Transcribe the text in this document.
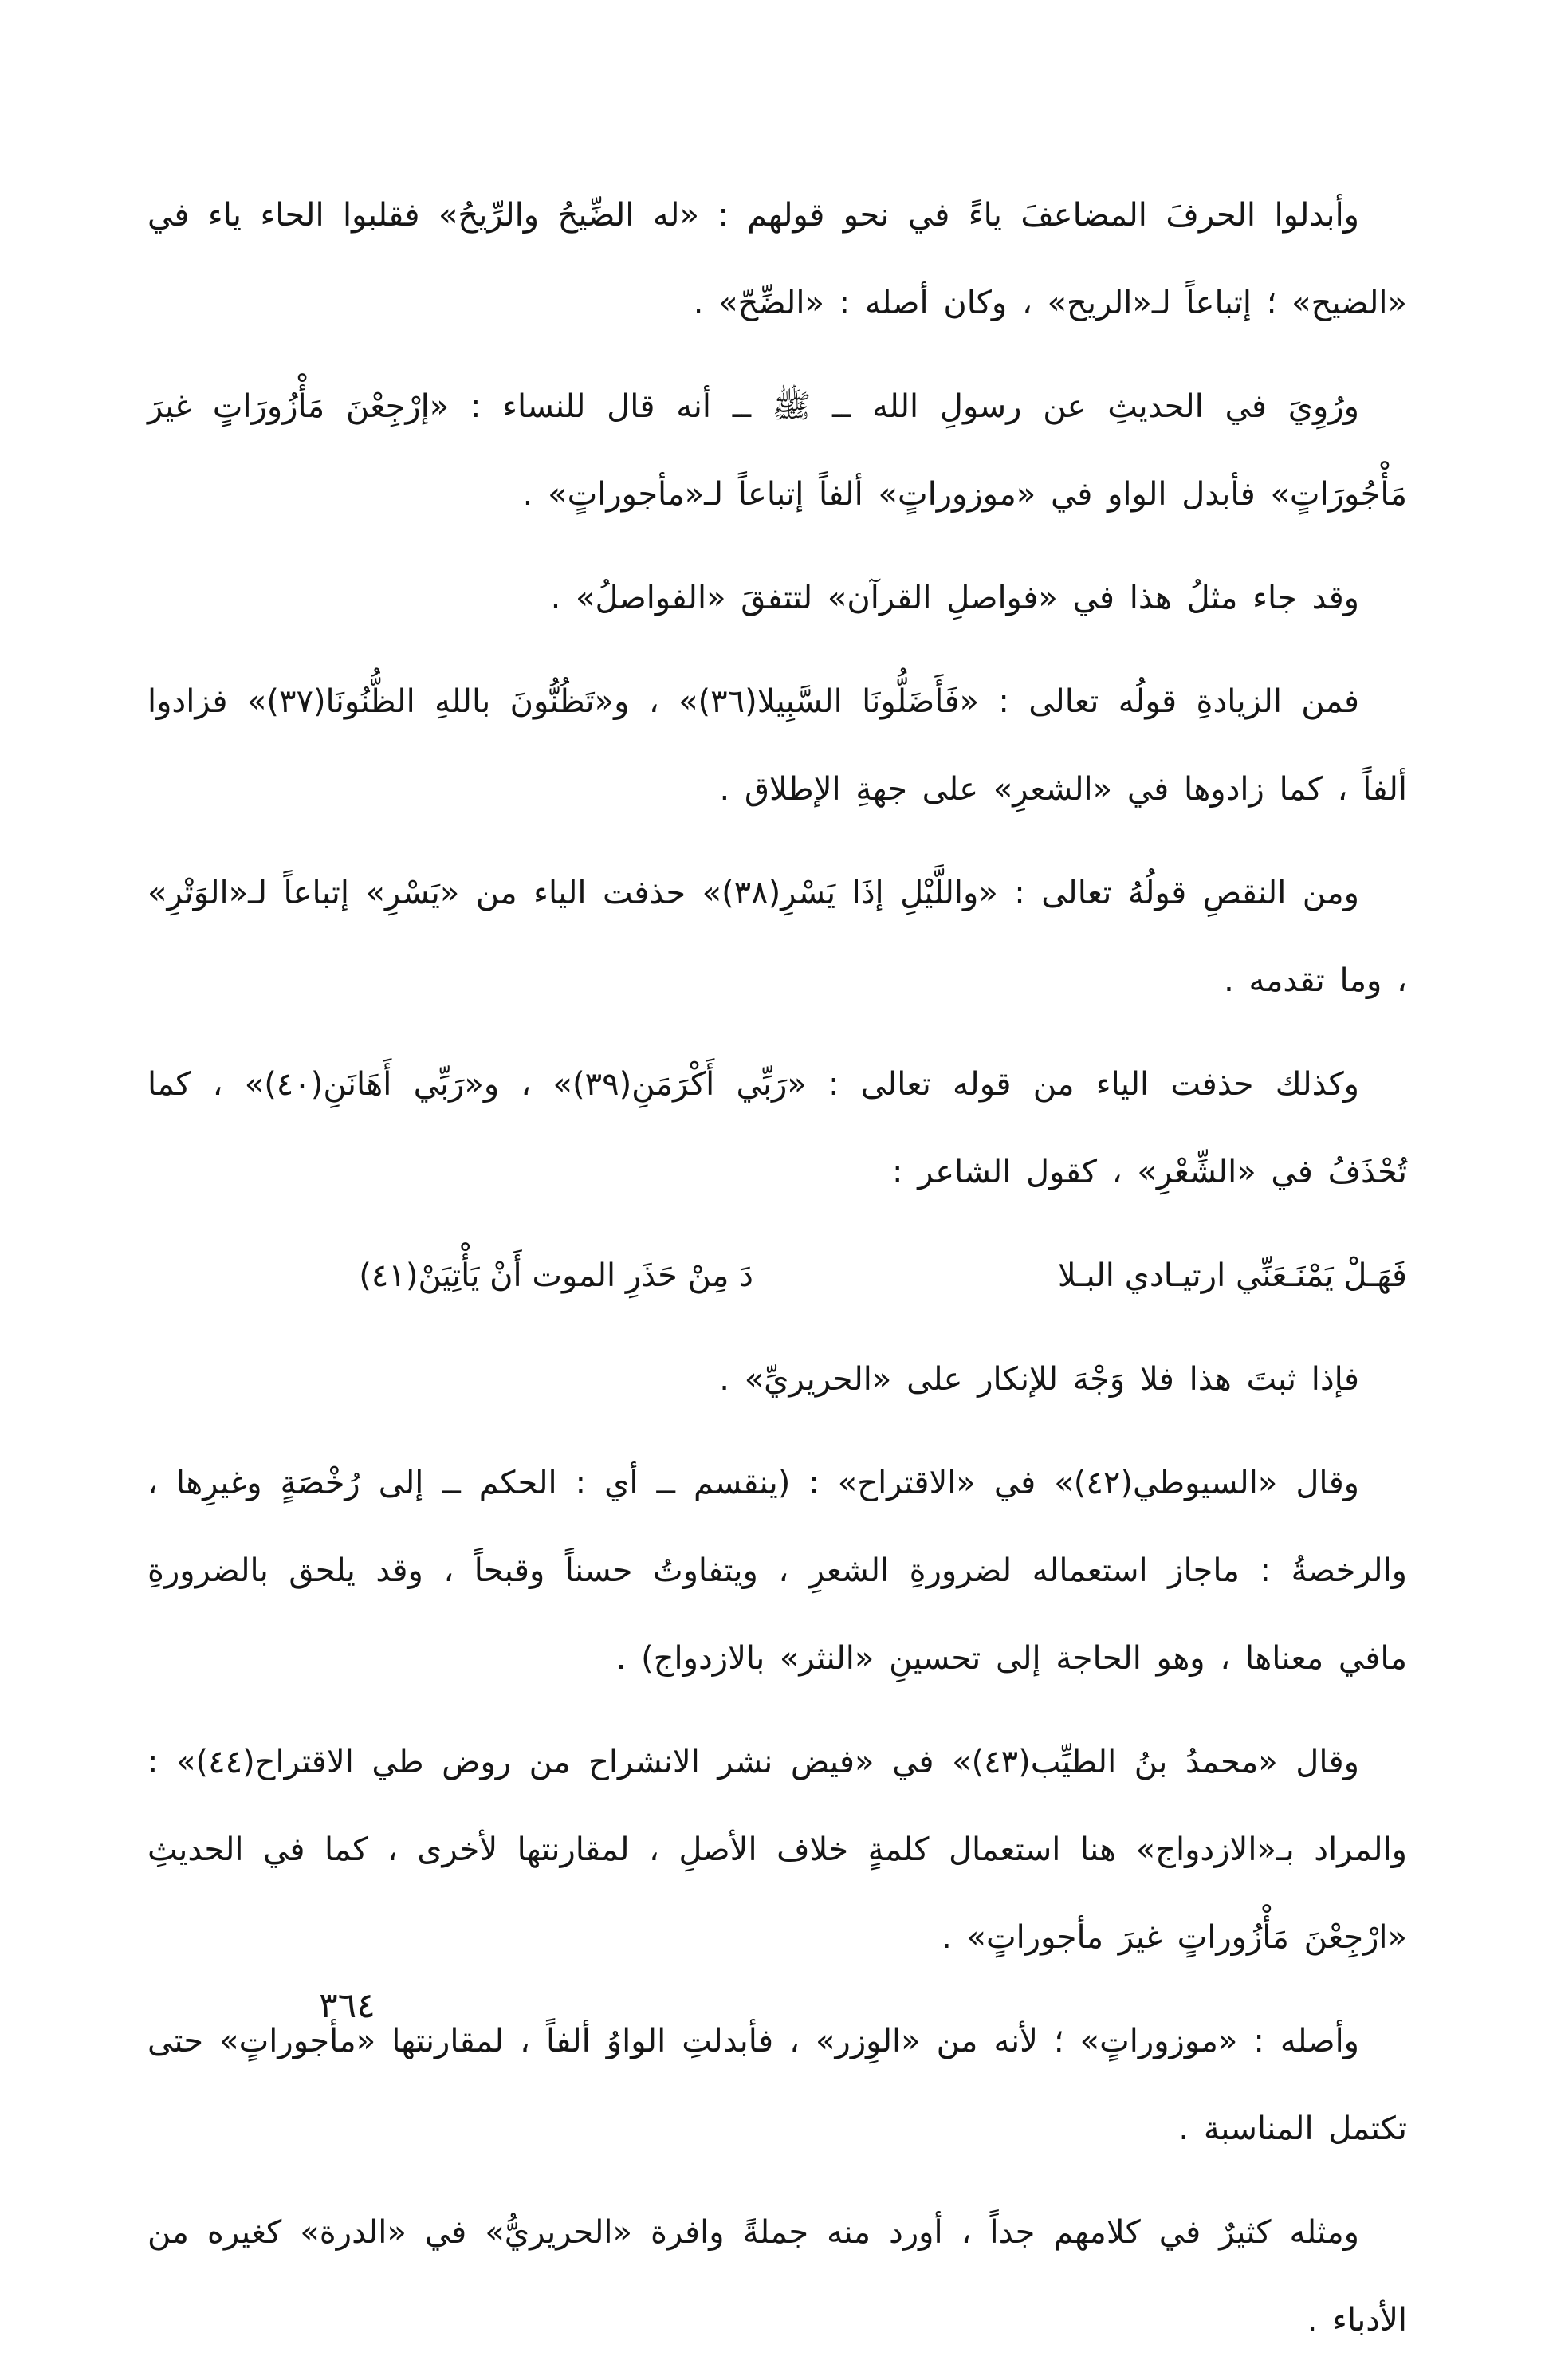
وأبدلوا الحرفَ المضاعفَ ياءً في نحو قولهم : «له الضِّيحُ والرِّيحُ» فقلبوا الحاء ياء في «الضيح» ؛ إتباعاً لـ«الريح» ، وكان أصله : «الضِّحّ» .

ورُوِيَ في الحديثِ عن رسولِ الله ــ ﷺ ــ أنه قال للنساء : «إرْجِعْنَ مَأْزُورَاتٍ غيرَ مَأْجُورَاتٍ» فأبدل الواو في «موزوراتٍ» ألفاً إتباعاً لـ«مأجوراتٍ» .

وقد جاء مثلُ هذا في «فواصلِ القرآن» لتتفقَ «الفواصلُ» .

فمن الزيادةِ قولُه تعالى : «فَأَضَلُّونَا السَّبِيلا(٣٦)» ، و«تَظُنُّونَ باللهِ الظُّنُونَا(٣٧)» فزادوا ألفاً ، كما زادوها في «الشعرِ» على جهةِ الإطلاق .

ومن النقصِ قولُهُ تعالى : «واللَّيْلِ إذَا يَسْرِ(٣٨)» حذفت الياء من «يَسْرِ» إتباعاً لـ«الوَتْرِ» ، وما تقدمه .

وكذلك حذفت الياء من قوله تعالى : «رَبِّي أَكْرَمَنِ(٣٩)» ، و«رَبِّي أَهَانَنِ(٤٠)» ، كما تُحْذَفُ في «الشِّعْرِ» ، كقول الشاعر :

فَهَـلْ يَمْنَـعَنِّي ارتيـادي البـلا
دَ مِنْ حَذَرِ الموت أَنْ يَأْتِيَنْ(٤١)

فإذا ثبتَ هذا فلا وَجْهَ للإنكار على «الحريريِّ» .

وقال «السيوطي(٤٢)» في «الاقتراح» : (ينقسم ــ أي : الحكم ــ إلى رُخْصَةٍ وغيرِها ، والرخصةُ : ماجاز استعماله لضرورةِ الشعرِ ، ويتفاوتُ حسناً وقبحاً ، وقد يلحق بالضرورةِ مافي معناها ، وهو الحاجة إلى تحسينِ «النثر» بالازدواج) .

وقال «محمدُ بنُ الطيِّب(٤٣)» في «فيض نشر الانشراح من روض طي الاقتراح(٤٤)» : والمراد بـ«الازدواج» هنا استعمال كلمةٍ خلاف الأصلِ ، لمقارنتها لأخرى ، كما في الحديثِ «ارْجِعْنَ مَأْزُوراتٍ غيرَ مأجوراتٍ» .

وأصله : «موزوراتٍ» ؛ لأنه من «الوِزر» ، فأبدلتِ الواوُ ألفاً ، لمقارنتها «مأجوراتٍ» حتى تكتمل المناسبة .

ومثله كثيرٌ في كلامهم جداً ، أورد منه جملةً وافرة «الحريريُّ» في «الدرة» كغيره من الأدباء .

٣٦٤
